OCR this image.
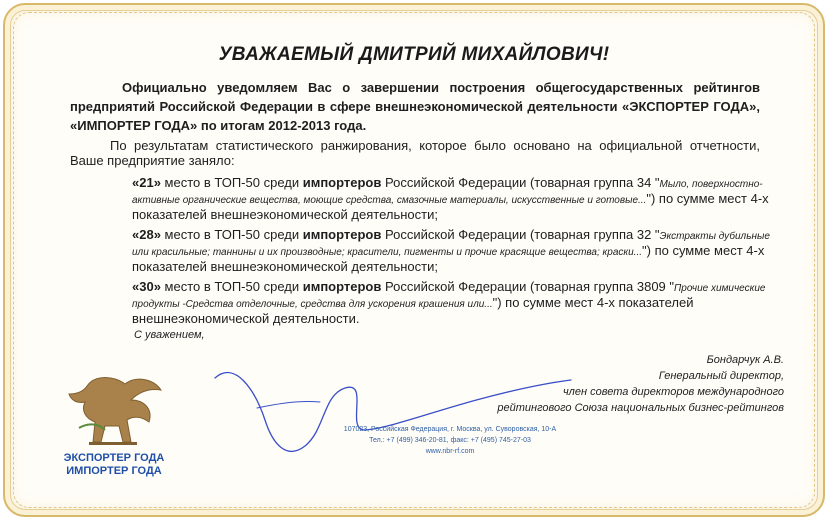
УВАЖАЕМЫЙ ДМИТРИЙ МИХАЙЛОВИЧ!
Официально уведомляем Вас о завершении построения общегосударственных рейтингов предприятий Российской Федерации в сфере внешнеэкономической деятельности «ЭКСПОРТЕР ГОДА», «ИМПОРТЕР ГОДА» по итогам 2012-2013 года.
По результатам статистического ранжирования, которое было основано на официальной отчетности, Ваше предприятие заняло:
«21» место в ТОП-50 среди импортеров Российской Федерации (товарная группа 34 "Мыло, поверхностно-активные органические вещества, моющие средства, смазочные материалы, искусственные и готовые...") по сумме мест 4-х показателей внешнеэкономической деятельности;
«28» место в ТОП-50 среди импортеров Российской Федерации (товарная группа 32 "Экстракты дубильные или красильные; таннины и их производные; красители, пигменты и прочие красящие вещества; краски...") по сумме мест 4-х показателей внешнеэкономической деятельности;
«30» место в ТОП-50 среди импортеров Российской Федерации (товарная группа 3809 "Прочие химические продукты -Средства отделочные, средства для ускорения крашения или...") по сумме мест 4-х показателей внешнеэкономической деятельности.
С уважением,
Бондарчук А.В.
Генеральный директор,
член совета директоров международного
рейтингового Союза национальных бизнес-рейтингов
107023, Российская Федерация, г. Москва, ул. Суворовская, 10-А
Тел.: +7 (499) 346-20-81, факс: +7 (495) 745-27-03
www.nbr-rf.com
ЭКСПОРТЕР ГОДА
ИМПОРТЕР ГОДА
